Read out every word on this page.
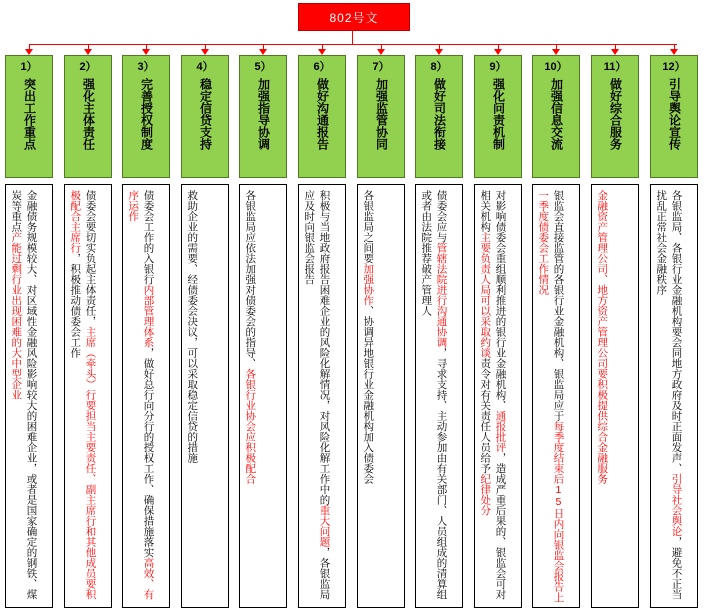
802号文
1）
突出工作重点
2）
强化主体责任
3）
完善授权制度
4）
稳定信贷支持
5）
加强指导协调
6）
做好沟通报告
7）
加强监管协同
8）
做好司法衔接
9）
强化问责机制
10）
加强信息交流
11）
做好综合服务
12）
引导舆论宣传
金融债务规模较大、对区域性金融风险影响较大的困难企业，或者是国家确定的钢铁、煤炭等重点产能过剩行业出现困难的大中型企业	债委会要切实负起主体责任，主席（牵头）行要担当主要责任、副主席行和其他成员要积极配合主席行，积极推动债委会工作
债委会工作的入银行内部管理体系，做好总行向分行的授权工作、确保措施落实高效、有序运作	救助企业的需要、经债委会决议，可以采取稳定信贷的措施	各银监局应依法加强对债委会的指导、各银行业协会应积极配合	积极与当地政府报告困难企业的风险化解情况，对风险化解工作中的重大问题，各银监局应及时向银监会报告	各银监局之间要加强协作、协调异地银行业金融机构加入债委会
债委会应与管辖法院进行沟通协调，寻求支持、主动参加由有关部门、人员组成的清算组或者由法院推荐破产管理人	对影响债委会重组顺利推进的银行业金融机构、通报批评，造成严重后果的、银监会可对相关机构主要负责人局可以采取约谈责令对有关责任人员给予纪律处分
银监会直接监管的各银行业金融机构、银监局应于每季度结束后15日内向银监会报告上一季度债委会工作情况	金融资产管理公司、地方资产管理公司要积极提供综合金融服务	各银监局、各银行业金融机构要会同地方政府及时正面发声、引导社会舆论，避免不正当扰乱正常社会金融秩序
